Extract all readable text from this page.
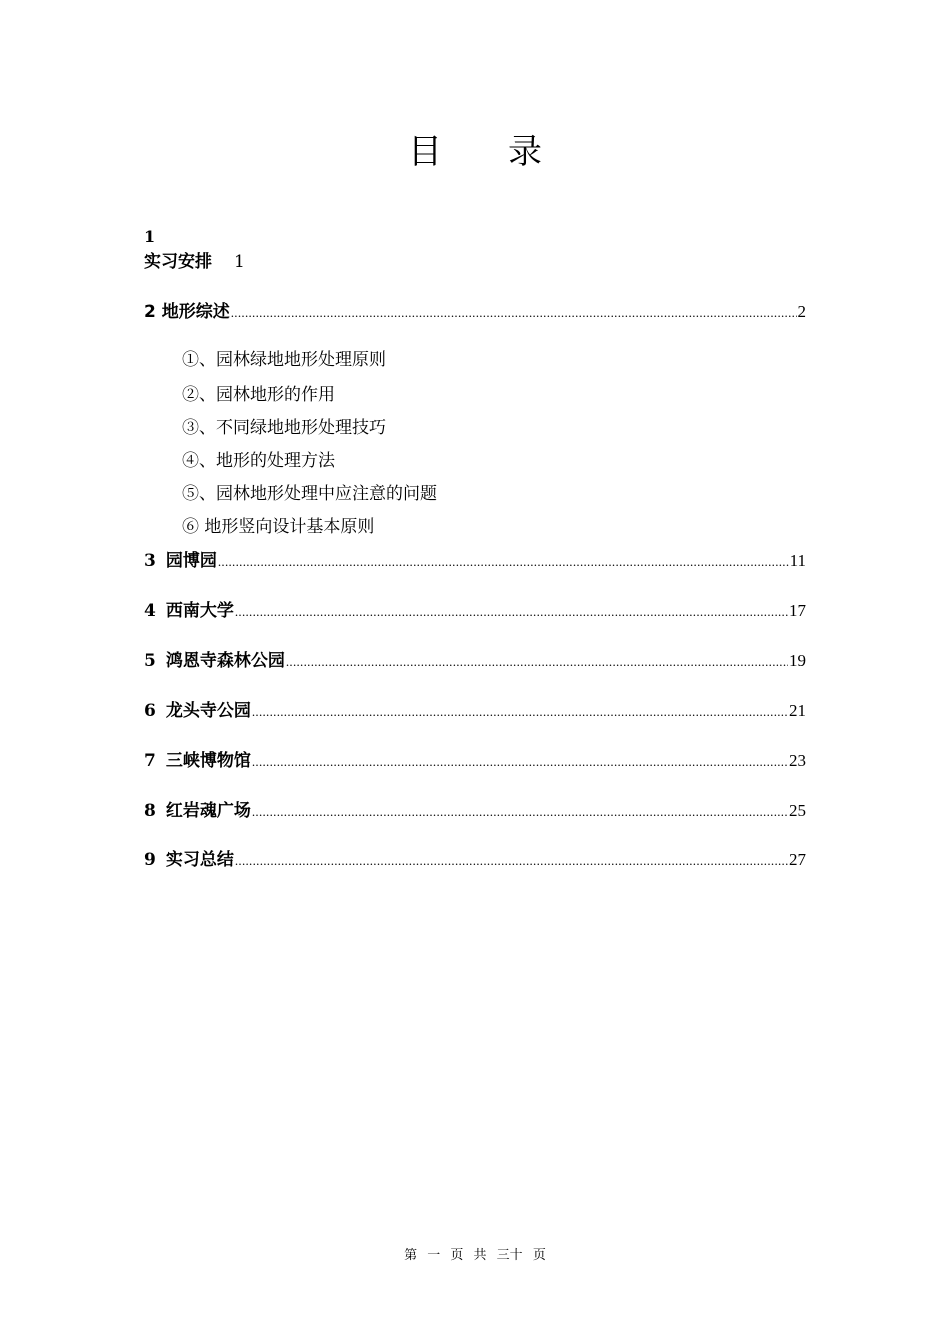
目 录
1
实习安排 1
2 地形综述 .....	2
①、园林绿地地形处理原则
②、园林地形的作用
③、不同绿地地形处理技巧
④、地形的处理方法
⑤、园林地形处理中应注意的问题
⑥ 地形竖向设计基本原则
3 园博园 .....	11
4 西南大学 .....	17
5 鸿恩寺森林公园 .....	19
6 龙头寺公园 .....	21
7 三峡博物馆 .....	23
8 红岩魂广场 .....	25
9 实习总结 .....	27
第 一 页 共 三十 页
